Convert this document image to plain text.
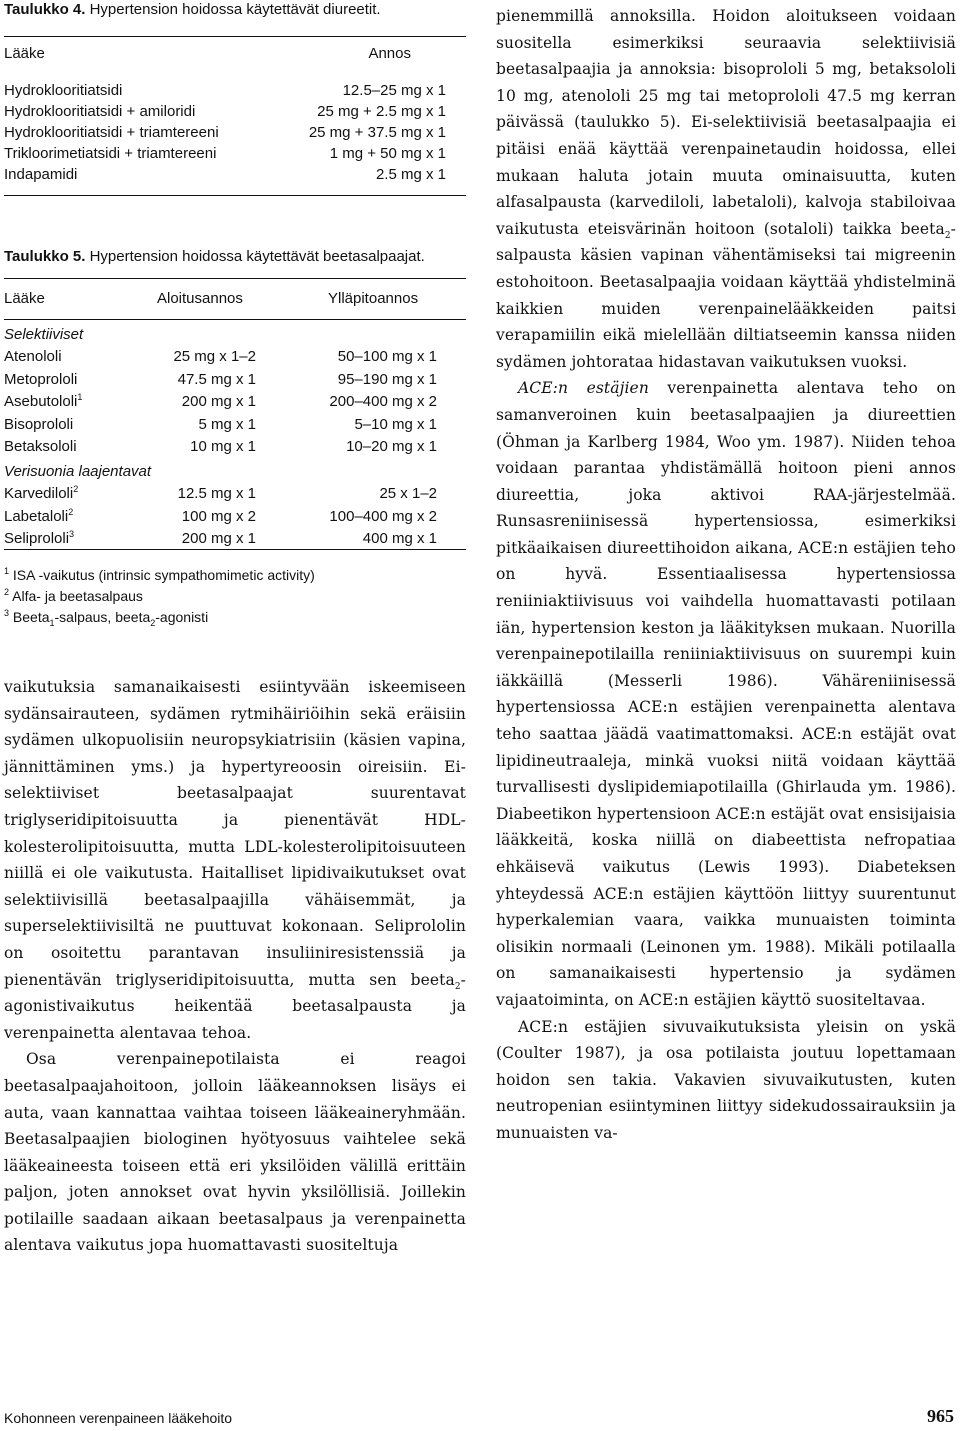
Taulukko 4. Hypertension hoidossa käytettävät diureetit.
Lääke	Annos
Hydroklooritiatsidi	12.5–25 mg x 1
Hydroklooritiatsidi + amiloridi	25 mg + 2.5 mg x 1
Hydroklooritiatsidi + triamtereeni	25 mg + 37.5 mg x 1
Trikloorimetiatsidi + triamtereeni	1 mg + 50 mg x 1
Indapamidi	2.5 mg x 1
Taulukko 5. Hypertension hoidossa käytettävät beetasalpaajat.
Lääke	Aloitusannos	Ylläpitoannos
Selektiiviset
Atenololi	25 mg x 1–2	50–100 mg x 1
Metoprololi	47.5 mg x 1	95–190 mg x 1
Asebutololi$^1$	200 mg x 1	200–400 mg x 2
Bisoprololi	5 mg x 1	5–10 mg x 1
Betaksololi	10 mg x 1	10–20 mg x 1
Verisuonia laajentavat
Karvediloli$^2$	12.5 mg x 1	25 x 1–2
Labetaloli$^2$	100 mg x 2	100–400 mg x 2
Seliprololi$^3$	200 mg x 1	400 mg x 1
$^1$ ISA -vaikutus (intrinsic sympathomimetic activity)
$^2$ Alfa- ja beetasalpaus
$^3$ Beeta$_1$-salpaus, beeta$_2$-agonisti

vaikutuksia samanaikaisesti esiintyvään iskeemiseen sydänsairauteen, sydämen rytmihäiriöihin sekä eräisiin sydämen ulkopuolisiin neuropsykiatrisiin (käsien vapina, jännittäminen yms.) ja hypertyreoosin oireisiin. Ei-selektiiviset beetasalpaajat suurentavat triglyseridipitoisuutta ja pienentävät HDL-kolesterolipitoisuutta, mutta LDL-kolesterolipitoisuuteen niillä ei ole vaikutusta. Haitalliset lipidivaikutukset ovat selektiivisillä beetasalpaajilla vähäisemmät, ja superselektiivisiltä ne puuttuvat kokonaan. Seliprololin on osoitettu parantavan insuliiniresistenssiä ja pienentävän triglyseridipitoisuutta, mutta sen beeta$_2$-agonistivaikutus heikentää beetasalpausta ja verenpainetta alentavaa tehoa.

Osa verenpainepotilaista ei reagoi beetasalpaajahoitoon, jolloin lääkeannoksen lisäys ei auta, vaan kannattaa vaihtaa toiseen lääkeaineryhmään. Beetasalpaajien biologinen hyötyosuus vaihtelee sekä lääkeaineesta toiseen että eri yksilöiden välillä erittäin paljon, joten annokset ovat hyvin yksilöllisiä. Joillekin potilaille saadaan aikaan beetasalpaus ja verenpainetta alentava vaikutus jopa huomattavasti suositeltuja

pienemmillä annoksilla. Hoidon aloitukseen voidaan suositella esimerkiksi seuraavia selektiivisiä beetasalpaajia ja annoksia: bisoprololi 5 mg, betaksololi 10 mg, atenololi 25 mg tai metoprololi 47.5 mg kerran päivässä (taulukko 5). Ei-selektiivisiä beetasalpaajia ei pitäisi enää käyttää verenpainetaudin hoidossa, ellei mukaan haluta jotain muuta ominaisuutta, kuten alfasalpausta (karvediloli, labetaloli), kalvoja stabiloivaa vaikutusta eteisvärinän hoitoon (sotaloli) taikka beeta$_2$-salpausta käsien vapinan vähentämiseksi tai migreenin estohoitoon. Beetasalpaajia voidaan käyttää yhdistelminä kaikkien muiden verenpainelääkkeiden paitsi verapamiilin eikä mielellään diltiatseemin kanssa niiden sydämen johtorataa hidastavan vaikutuksen vuoksi.

ACE:n estäjien verenpainetta alentava teho on samanveroinen kuin beetasalpaajien ja diureettien (Öhman ja Karlberg 1984, Woo ym. 1987). Niiden tehoa voidaan parantaa yhdistämällä hoitoon pieni annos diureettia, joka aktivoi RAA-järjestelmää. Runsasreniinisessä hypertensiossa, esimerkiksi pitkäaikaisen diureettihoidon aikana, ACE:n estäjien teho on hyvä. Essentiaalisessa hypertensiossa reniiniaktiivisuus voi vaihdella huomattavasti potilaan iän, hypertension keston ja lääkityksen mukaan. Nuorilla verenpainepotilailla reniiniaktiivisuus on suurempi kuin iäkkäillä (Messerli 1986). Vähäreniinisessä hypertensiossa ACE:n estäjien verenpainetta alentava teho saattaa jäädä vaatimattomaksi. ACE:n estäjät ovat lipidineutraaleja, minkä vuoksi niitä voidaan käyttää turvallisesti dyslipidemiapotilailla (Ghirlauda ym. 1986). Diabeetikon hypertensioon ACE:n estäjät ovat ensisijaisia lääkkeitä, koska niillä on diabeettista nefropatiaa ehkäisevä vaikutus (Lewis 1993). Diabeteksen yhteydessä ACE:n estäjien käyttöön liittyy suurentunut hyperkalemian vaara, vaikka munuaisten toiminta olisikin normaali (Leinonen ym. 1988). Mikäli potilaalla on samanaikaisesti hypertensio ja sydämen vajaatoiminta, on ACE:n estäjien käyttö suositeltavaa.

ACE:n estäjien sivuvaikutuksista yleisin on yskä (Coulter 1987), ja osa potilaista joutuu lopettamaan hoidon sen takia. Vakavien sivuvaikutusten, kuten neutropenian esiintyminen liittyy sidekudossairauksiin ja munuaisten va-

Kohonneen verenpaineen lääkehoito	965
